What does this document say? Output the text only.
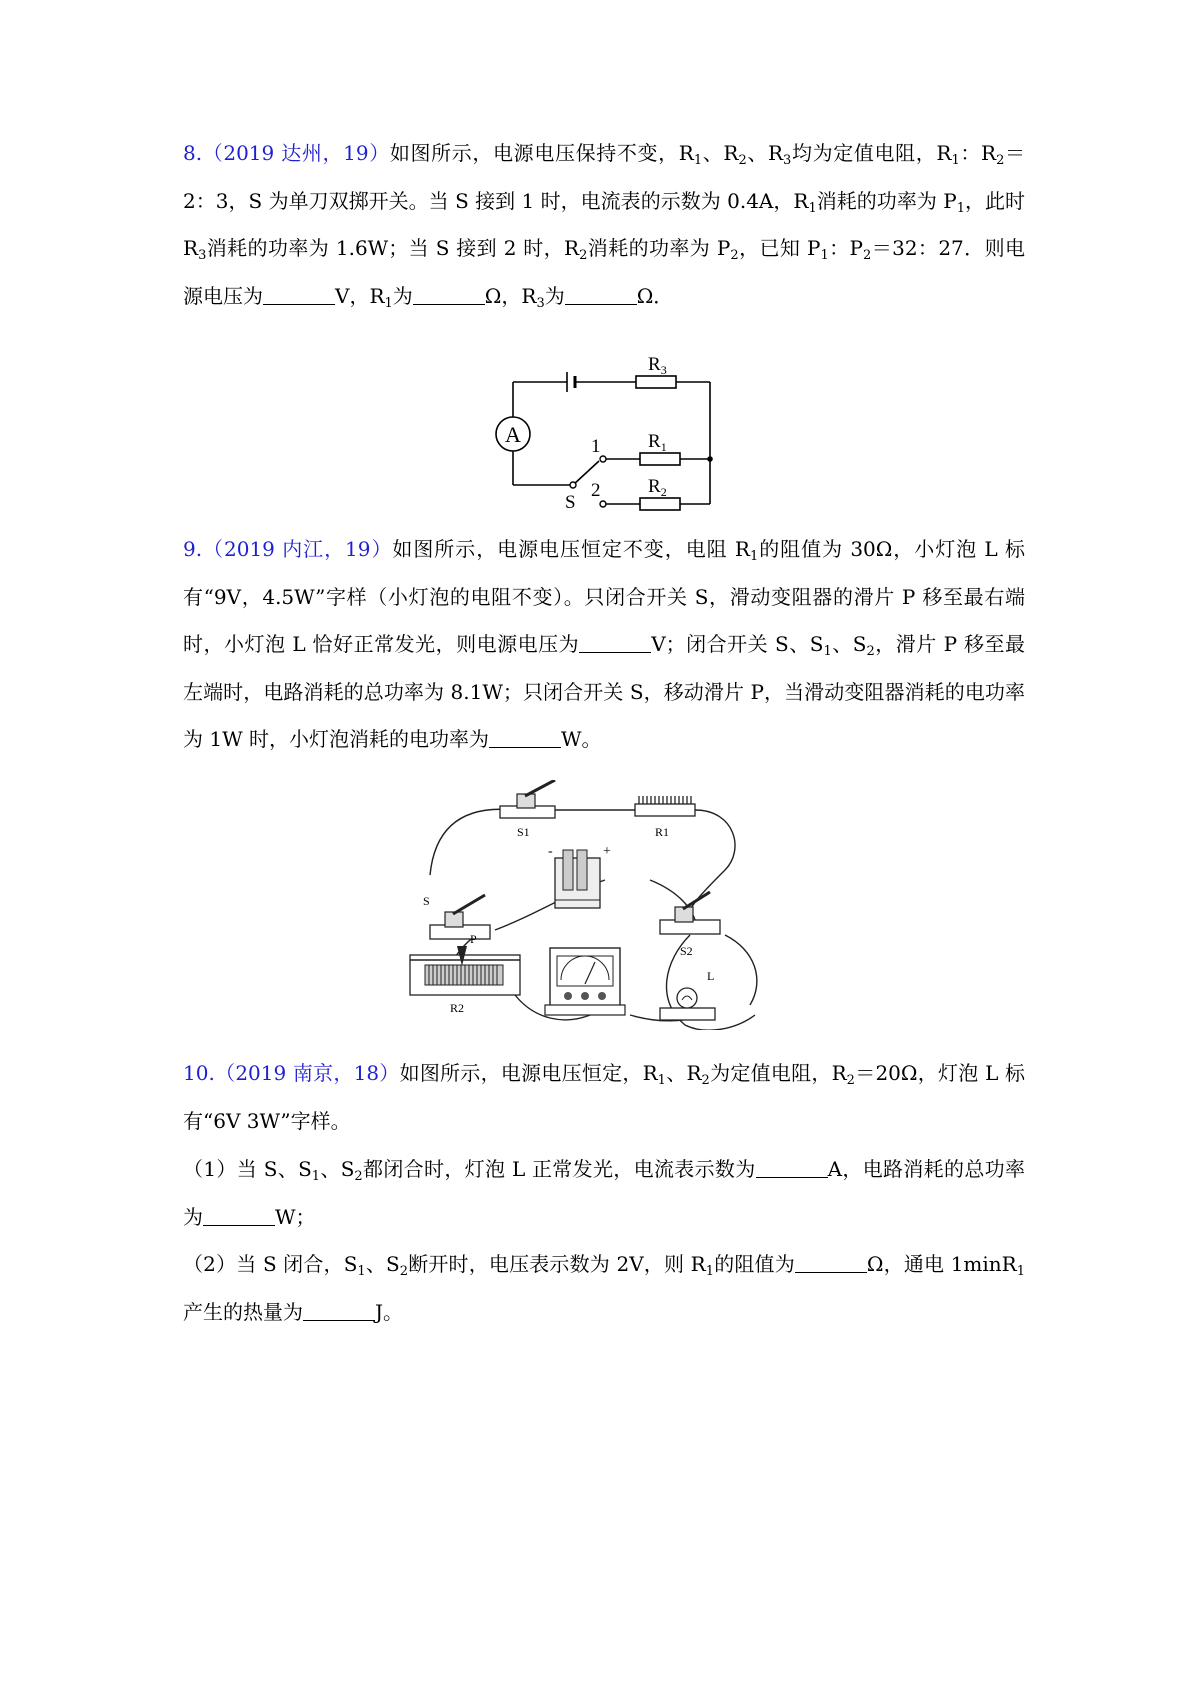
8.（2019 达州，19）如图所示，电源电压保持不变，$R_1$、$R_2$、$R_3$均为定值电阻，$R_1$：$R_2=2$：3，S 为单刀双掷开关。当 S 接到 1 时，电流表的示数为 0.4A，$R_1$消耗的功率为 $P_1$，此时 $R_3$消耗的功率为 1.6W；当 S 接到 2 时，$R_2$消耗的功率为 $P_2$，已知 $P_1$：$P_2=32$：27．则电源电压为	V，$R_1$为	Ω，$R_3$为	Ω．
A
$R_3$
$R_1$
$R_2$
1
2
S
9.（2019 内江，19）如图所示，电源电压恒定不变，电阻 $R_1$的阻值为 30Ω，小灯泡 L 标有“9V，4.5W”字样（小灯泡的电阻不变）。只闭合开关 S，滑动变阻器的滑片 P 移至最右端时，小灯泡 L 恰好正常发光，则电源电压为	V；闭合开关 S、$S_1$、$S_2$，滑片 P 移至最左端时，电路消耗的总功率为 8.1W；只闭合开关 S，移动滑片 P，当滑动变阻器消耗的电功率为 1W 时，小灯泡消耗的电功率为	W。
S1	R1
S
S2
P
R2
L
-	+
10.（2019 南京，18）如图所示，电源电压恒定，$R_1$、$R_2$为定值电阻，$R_2=20\Omega$，灯泡 L 标有“6V 3W”字样。
（1）当 S、$S_1$、$S_2$都闭合时，灯泡 L 正常发光，电流表示数为	A，电路消耗的总功率为	W；
（2）当 S 闭合，$S_1$、$S_2$断开时，电压表示数为 2V，则 $R_1$的阻值为	Ω，通电 1minR$_1$产生的热量为	J。
